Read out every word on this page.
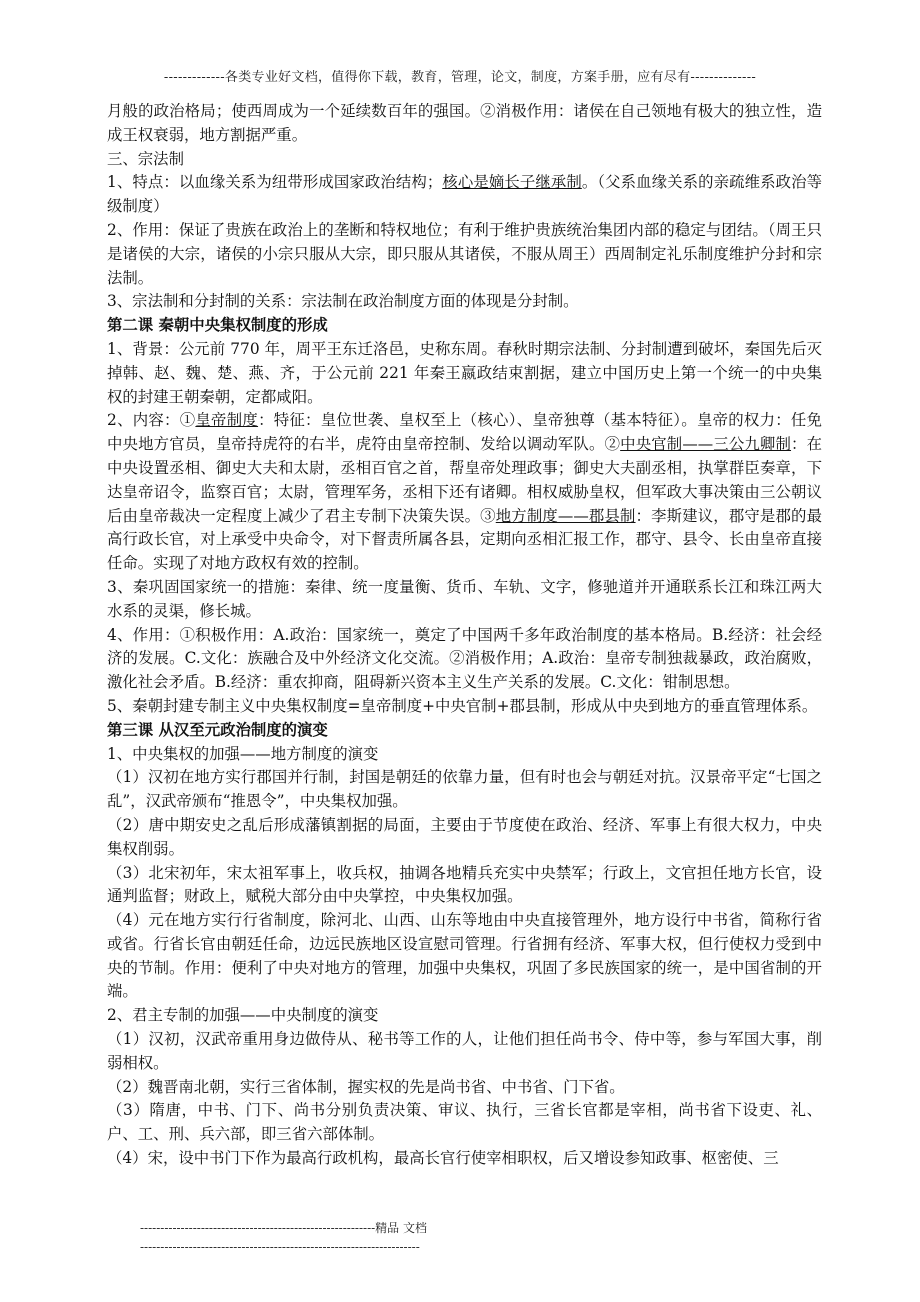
-------------各类专业好文档，值得你下载，教育，管理，论文，制度，方案手册，应有尽有--------------

月般的政治格局；使西周成为一个延续数百年的强国。②消极作用：诸侯在自己领地有极大的独立性，造成王权衰弱，地方割据严重。

三、宗法制

1、特点：以血缘关系为纽带形成国家政治结构；核心是嫡长子继承制。（父系血缘关系的亲疏维系政治等级制度）

2、作用：保证了贵族在政治上的垄断和特权地位；有利于维护贵族统治集团内部的稳定与团结。（周王只是诸侯的大宗，诸侯的小宗只服从大宗，即只服从其诸侯，不服从周王）西周制定礼乐制度维护分封和宗法制。

3、宗法制和分封制的关系：宗法制在政治制度方面的体现是分封制。

第二课 秦朝中央集权制度的形成

1、背景：公元前 770 年，周平王东迁洛邑，史称东周。春秋时期宗法制、分封制遭到破坏，秦国先后灭掉韩、赵、魏、楚、燕、齐，于公元前 221 年秦王嬴政结束割据，建立中国历史上第一个统一的中央集权的封建王朝秦朝，定都咸阳。

2、内容：①皇帝制度：特征：皇位世袭、皇权至上（核心）、皇帝独尊（基本特征）。皇帝的权力：任免中央地方官员，皇帝持虎符的右半，虎符由皇帝控制、发给以调动军队。②中央官制——三公九卿制：在中央设置丞相、御史大夫和太尉，丞相百官之首，帮皇帝处理政事；御史大夫副丞相，执掌群臣奏章，下达皇帝诏令，监察百官；太尉，管理军务，丞相下还有诸卿。相权威胁皇权，但军政大事决策由三公朝议后由皇帝裁决一定程度上减少了君主专制下决策失误。③地方制度——郡县制：李斯建议，郡守是郡的最高行政长官，对上承受中央命令，对下督责所属各县，定期向丞相汇报工作，郡守、县令、长由皇帝直接任命。实现了对地方政权有效的控制。

3、秦巩固国家统一的措施：秦律、统一度量衡、货币、车轨、文字，修驰道并开通联系长江和珠江两大水系的灵渠，修长城。

4、作用：①积极作用：A.政治：国家统一，奠定了中国两千多年政治制度的基本格局。B.经济：社会经济的发展。C.文化：族融合及中外经济文化交流。②消极作用；A.政治：皇帝专制独裁暴政，政治腐败，激化社会矛盾。B.经济：重农抑商，阻碍新兴资本主义生产关系的发展。C.文化：钳制思想。

5、秦朝封建专制主义中央集权制度=皇帝制度+中央官制+郡县制，形成从中央到地方的垂直管理体系。

第三课 从汉至元政治制度的演变

1、中央集权的加强——地方制度的演变

（1）汉初在地方实行郡国并行制，封国是朝廷的依靠力量，但有时也会与朝廷对抗。汉景帝平定“七国之乱”，汉武帝颁布“推恩令”，中央集权加强。

（2）唐中期安史之乱后形成藩镇割据的局面，主要由于节度使在政治、经济、军事上有很大权力，中央集权削弱。

（3）北宋初年，宋太祖军事上，收兵权，抽调各地精兵充实中央禁军；行政上，文官担任地方长官，设通判监督；财政上，赋税大部分由中央掌控，中央集权加强。

（4）元在地方实行行省制度，除河北、山西、山东等地由中央直接管理外，地方设行中书省，简称行省或省。行省长官由朝廷任命，边远民族地区设宣慰司管理。行省拥有经济、军事大权，但行使权力受到中央的节制。作用：便利了中央对地方的管理，加强中央集权，巩固了多民族国家的统一，是中国省制的开端。

2、君主专制的加强——中央制度的演变

（1）汉初，汉武帝重用身边做侍从、秘书等工作的人，让他们担任尚书令、侍中等，参与军国大事，削弱相权。

（2）魏晋南北朝，实行三省体制，握实权的先是尚书省、中书省、门下省。

（3）隋唐，中书、门下、尚书分别负责决策、审议、执行，三省长官都是宰相，尚书省下设吏、礼、户、工、刑、兵六部，即三省六部体制。

（4）宋，设中书门下作为最高行政机构，最高长官行使宰相职权，后又增设参知政事、枢密使、三

----------------------------------------------------------精品 文档
---------------------------------------------------------------------
